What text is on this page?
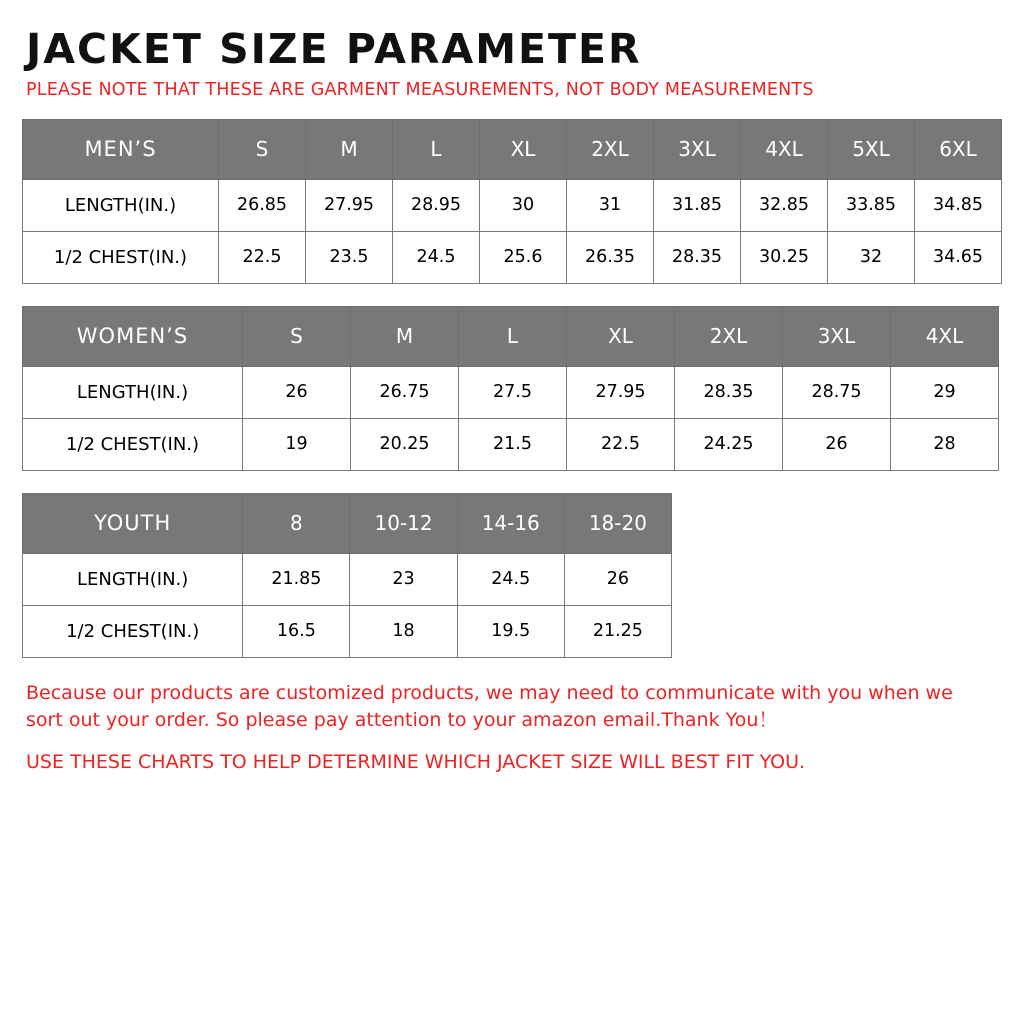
JACKET SIZE PARAMETER

PLEASE NOTE THAT THESE ARE GARMENT MEASUREMENTS, NOT BODY MEASUREMENTS

MEN’S	S	M	L	XL	2XL	3XL	4XL	5XL	6XL
LENGTH(IN.)	26.85	27.95	28.95	30	31	31.85	32.85	33.85	34.85
1/2 CHEST(IN.)	22.5	23.5	24.5	25.6	26.35	28.35	30.25	32	34.65
WOMEN’S	S	M	L	XL	2XL	3XL	4XL
LENGTH(IN.)	26	26.75	27.5	27.95	28.35	28.75	29
1/2 CHEST(IN.)	19	20.25	21.5	22.5	24.25	26	28
YOUTH	8	10-12	14-16	18-20
LENGTH(IN.)	21.85	23	24.5	26
1/2 CHEST(IN.)	16.5	18	19.5	21.25

Because our products are customized products, we may need to communicate with you when we sort out your order. So please pay attention to your amazon email.Thank You！

USE THESE CHARTS TO HELP DETERMINE WHICH JACKET SIZE WILL BEST FIT YOU.
